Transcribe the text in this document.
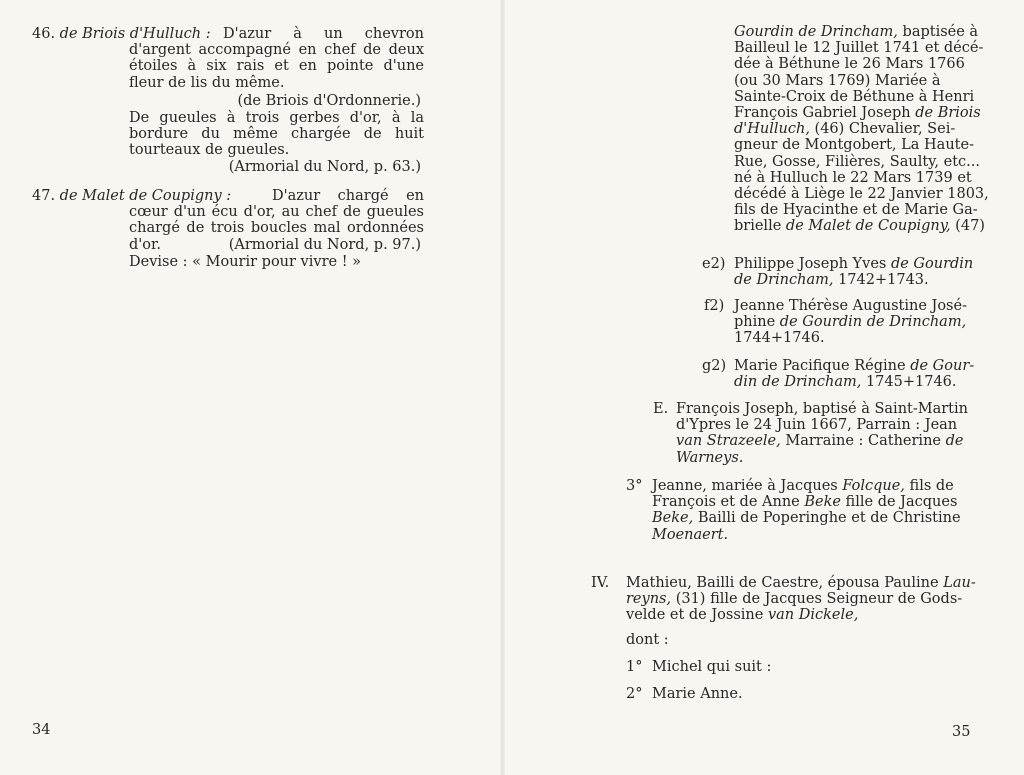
46. de Briois d'Hulluch : D'azur à un chevron d'argent accompagné en chef de deux étoiles à six rais et en pointe d'une fleur de lis du même.
(de Briois d'Ordonnerie.)
De gueules à trois gerbes d'or, à la bordure du même chargée de huit tourteaux de gueules.
(Armorial du Nord, p. 63.)
47. de Malet de Coupigny :	D'azur chargé en cœur d'un écu d'or, au chef de gueules chargé de trois boucles mal ordonnées d'or.	(Armorial du Nord, p. 97.)
Devise : « Mourir pour vivre ! »
34
Gourdin de Drincham, baptisée à
Bailleul le 12 Juillet 1741 et décé-
dée à Béthune le 26 Mars 1766
(ou 30 Mars 1769) Mariée à
Sainte-Croix de Béthune à Henri
François Gabriel Joseph de Briois
d'Hulluch, (46) Chevalier, Sei-
gneur de Montgobert, La Haute-
Rue, Gosse, Filières, Saulty, etc...
né à Hulluch le 22 Mars 1739 et
décédé à Liège le 22 Janvier 1803,
fils de Hyacinthe et de Marie Ga-
brielle de Malet de Coupigny, (47)
e2) Philippe Joseph Yves de Gourdin
de Drincham, 1742+1743.
f2) Jeanne Thérèse Augustine José-
phine de Gourdin de Drincham,
1744+1746.
g2) Marie Pacifique Régine de Gour-
din de Drincham, 1745+1746.
E. François Joseph, baptisé à Saint-Martin
d'Ypres le 24 Juin 1667, Parrain : Jean
van Strazeele, Marraine : Catherine de
Warneys.
3° Jeanne, mariée à Jacques Folcque, fils de
François et de Anne Beke fille de Jacques
Beke, Bailli de Poperinghe et de Christine
Moenaert.
IV. Mathieu, Bailli de Caestre, épousa Pauline Lau-
reyns, (31) fille de Jacques Seigneur de Gods-
velde et de Jossine van Dickele,
dont :
1° Michel qui suit :
2° Marie Anne.
35
